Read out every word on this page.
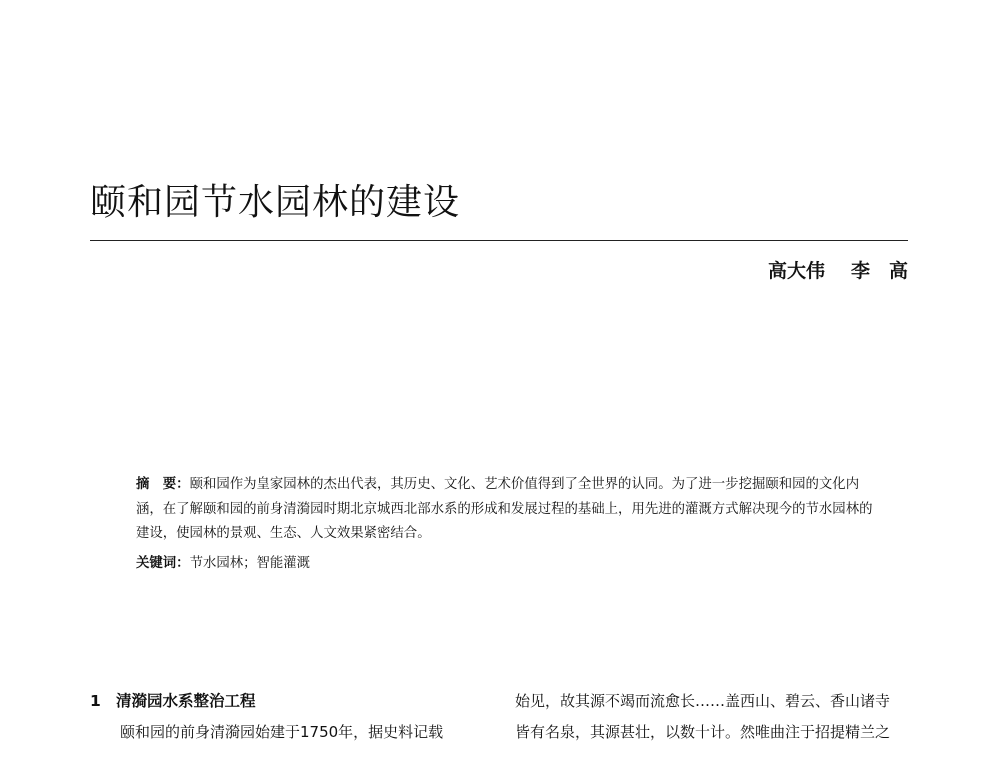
颐和园节水园林的建设
高大伟 李　高

摘　要：颐和园作为皇家园林的杰出代表，其历史、文化、艺术价值得到了全世界的认同。为了进一步挖掘颐和园的文化内涵，在了解颐和园的前身清漪园时期北京城西北部水系的形成和发展过程的基础上，用先进的灌溉方式解决现今的节水园林的建设，使园林的景观、生态、人文效果紧密结合。

关键词：节水园林；智能灌溉

1 清漪园水系整治工程

颐和园的前身清漪园始建于1750年，据史料记载

始见，故其源不竭而流愈长……盖西山、碧云、香山诸寺

皆有名泉，其源甚壮，以数十计。然唯曲注于招提精兰之
